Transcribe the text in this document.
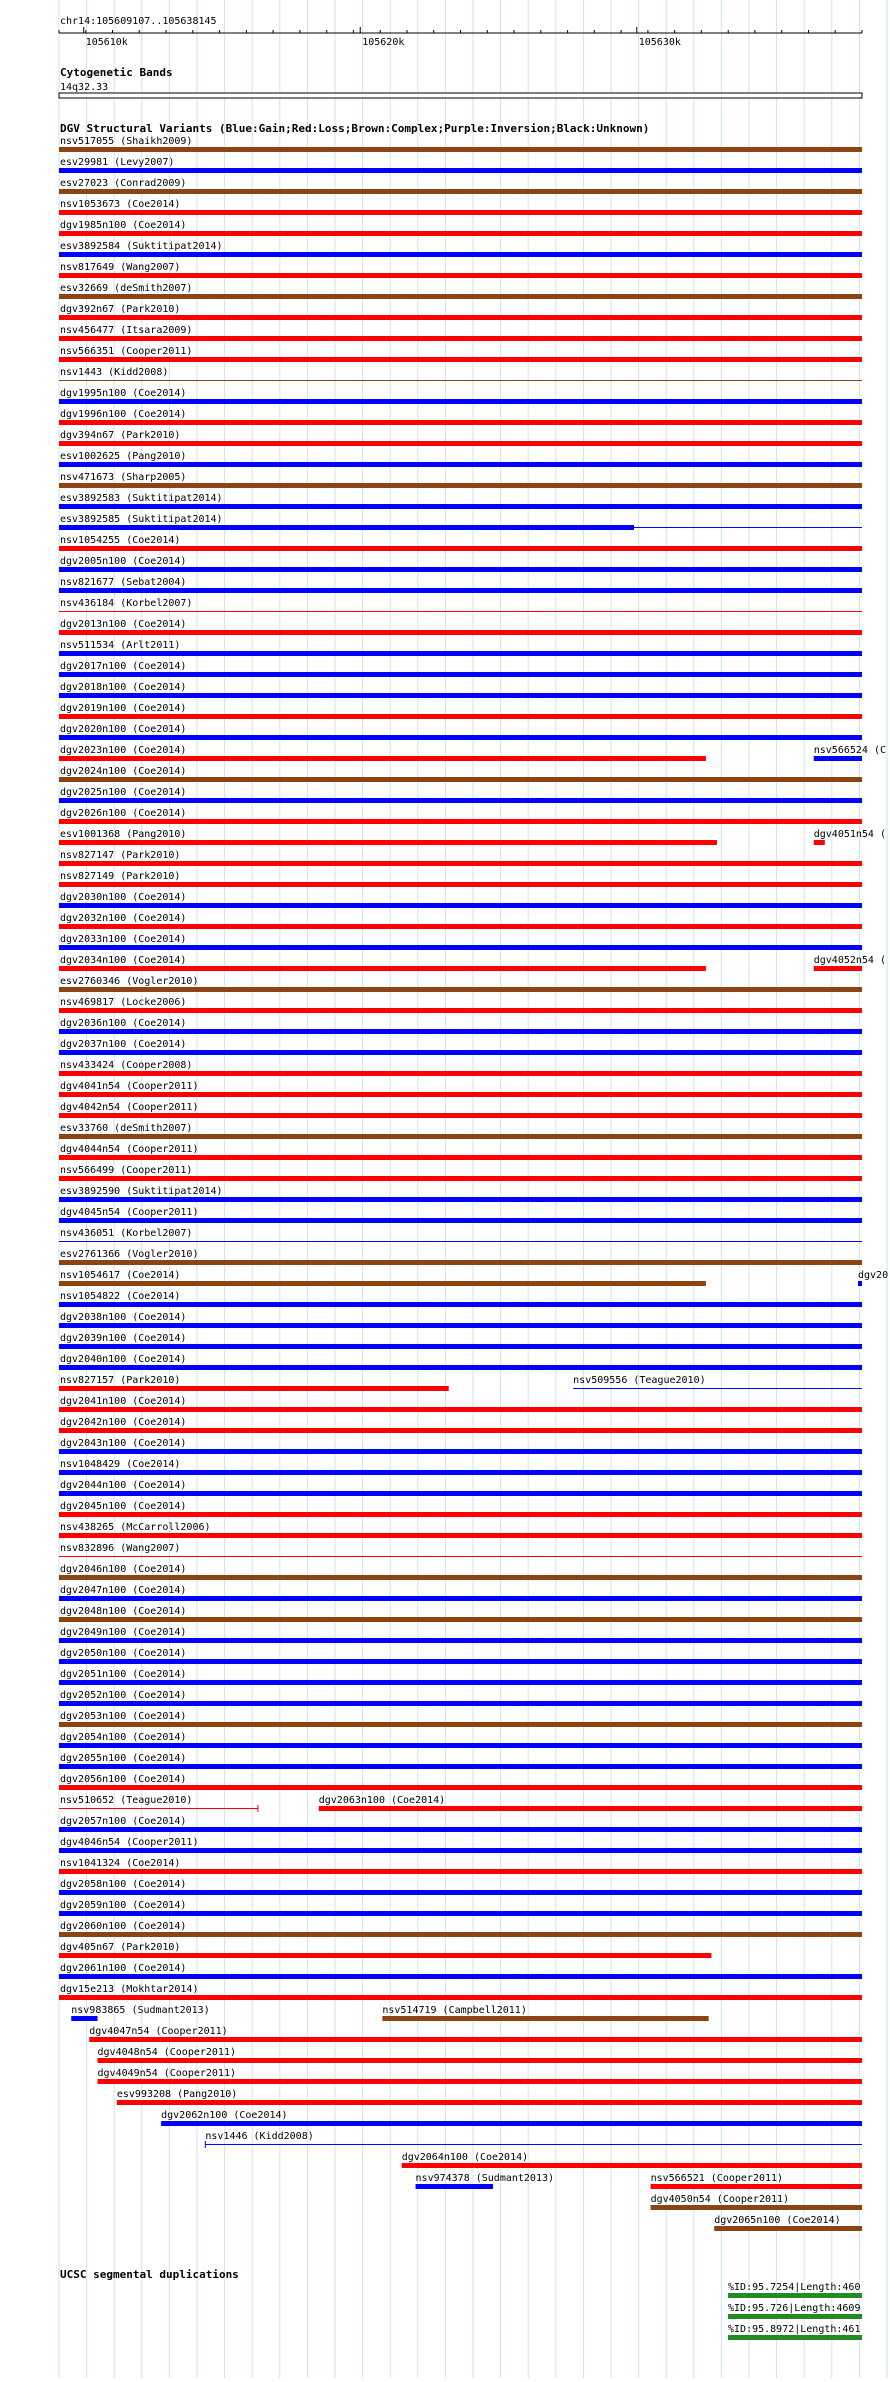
chr14:105609107..105638145
105610k	105620k	105630k
Cytogenetic Bands
14q32.33
DGV Structural Variants (Blue:Gain;Red:Loss;Brown:Complex;Purple:Inversion;Black:Unknown)
nsv517055 (Shaikh2009)
esv29981 (Levy2007)
esv27023 (Conrad2009)
nsv1053673 (Coe2014)
dgv1985n100 (Coe2014)
esv3892584 (Suktitipat2014)
nsv817649 (Wang2007)
esv32669 (deSmith2007)
dgv392n67 (Park2010)
nsv456477 (Itsara2009)
nsv566351 (Cooper2011)
nsv1443 (Kidd2008)
dgv1995n100 (Coe2014)
dgv1996n100 (Coe2014)
dgv394n67 (Park2010)
esv1002625 (Pang2010)
nsv471673 (Sharp2005)
esv3892583 (Suktitipat2014)
esv3892585 (Suktitipat2014)
nsv1054255 (Coe2014)
dgv2005n100 (Coe2014)
nsv821677 (Sebat2004)
nsv436184 (Korbel2007)
dgv2013n100 (Coe2014)
nsv511534 (Arlt2011)
dgv2017n100 (Coe2014)
dgv2018n100 (Coe2014)
dgv2019n100 (Coe2014)
dgv2020n100 (Coe2014)
dgv2023n100 (Coe2014)
dgv2024n100 (Coe2014)
dgv2025n100 (Coe2014)
dgv2026n100 (Coe2014)
esv1001368 (Pang2010)
nsv827147 (Park2010)
nsv827149 (Park2010)
dgv2030n100 (Coe2014)
dgv2032n100 (Coe2014)
dgv2033n100 (Coe2014)
dgv2034n100 (Coe2014)
esv2760346 (Vogler2010)
nsv469817 (Locke2006)
dgv2036n100 (Coe2014)
dgv2037n100 (Coe2014)
nsv433424 (Cooper2008)
dgv4041n54 (Cooper2011)
dgv4042n54 (Cooper2011)
esv33760 (deSmith2007)
dgv4044n54 (Cooper2011)
nsv566499 (Cooper2011)
esv3892590 (Suktitipat2014)
dgv4045n54 (Cooper2011)
nsv436051 (Korbel2007)
esv2761366 (Vogler2010)
nsv1054617 (Coe2014)
nsv1054822 (Coe2014)
dgv2038n100 (Coe2014)
dgv2039n100 (Coe2014)
dgv2040n100 (Coe2014)
nsv827157 (Park2010)
dgv2041n100 (Coe2014)
dgv2042n100 (Coe2014)
dgv2043n100 (Coe2014)
nsv1048429 (Coe2014)
dgv2044n100 (Coe2014)
dgv2045n100 (Coe2014)
nsv438265 (McCarroll2006)
nsv832896 (Wang2007)
dgv2046n100 (Coe2014)
dgv2047n100 (Coe2014)
dgv2048n100 (Coe2014)
dgv2049n100 (Coe2014)
dgv2050n100 (Coe2014)
dgv2051n100 (Coe2014)
dgv2052n100 (Coe2014)
dgv2053n100 (Coe2014)
dgv2054n100 (Coe2014)
dgv2055n100 (Coe2014)
dgv2056n100 (Coe2014)
nsv510652 (Teague2010)
dgv2057n100 (Coe2014)
dgv4046n54 (Cooper2011)
nsv1041324 (Coe2014)
dgv2058n100 (Coe2014)
dgv2059n100 (Coe2014)
dgv2060n100 (Coe2014)
dgv405n67 (Park2010)
dgv2061n100 (Coe2014)
dgv15e213 (Mokhtar2014)
nsv566524 (C
dgv4051n54 (
dgv4052n54 (
dgv20
nsv509556 (Teague2010)
dgv2063n100 (Coe2014)
nsv983865 (Sudmant2013)	nsv514719 (Campbell2011)
dgv4047n54 (Cooper2011)
dgv4048n54 (Cooper2011)
dgv4049n54 (Cooper2011)
esv993208 (Pang2010)
dgv2062n100 (Coe2014)
nsv1446 (Kidd2008)
dgv2064n100 (Coe2014)
nsv974378 (Sudmant2013)	nsv566521 (Cooper2011)
dgv4050n54 (Cooper2011)
dgv2065n100 (Coe2014)
UCSC segmental duplications
%ID:95.7254|Length:460
%ID:95.726|Length:4609
%ID:95.8972|Length:461
